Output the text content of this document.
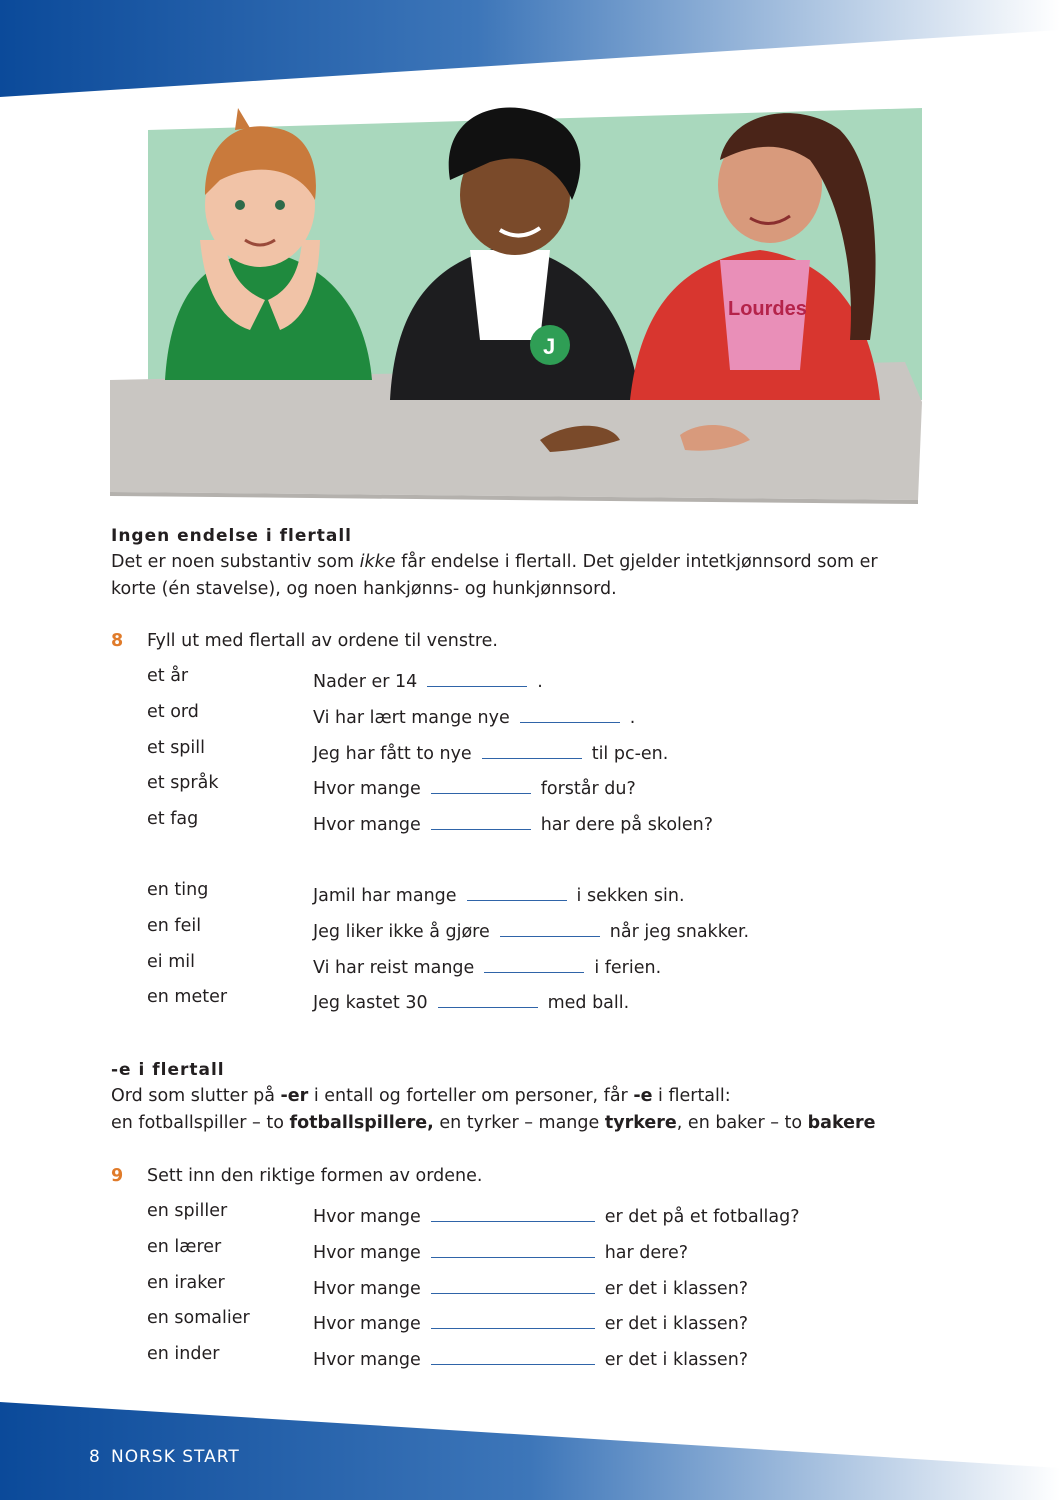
J
Lourdes
Ingen endelse i flertall

Det er noen substantiv som ikke får endelse i flertall. Det gjelder intetkjønnsord som er korte (én stavelse), og noen hankjønns- og hunkjønnsord.

8 Fyll ut med flertall av ordene til venstre.
et år	Nader er 14	.
et ord	Vi har lært mange nye	.
et spill	Jeg har fått to nye	til pc-en.
et språk	Hvor mange	forstår du?
et fag	Hvor mange	har dere på skolen?
en ting	Jamil har mange	i sekken sin.
en feil	Jeg liker ikke å gjøre	når jeg snakker.
ei mil	Vi har reist mange	i ferien.
en meter	Jeg kastet 30	med ball.
-e i flertall

Ord som slutter på -er i entall og forteller om personer, får -e i flertall:
en fotballspiller – to fotballspillere, en tyrker – mange tyrkere, en baker – to bakere

9 Sett inn den riktige formen av ordene.
en spiller	Hvor mange	er det på et fotballag?
en lærer	Hvor mange	har dere?
en iraker	Hvor mange	er det i klassen?
en somalier	Hvor mange	er det i klassen?
en inder	Hvor mange	er det i klassen?
8 NORSK START
